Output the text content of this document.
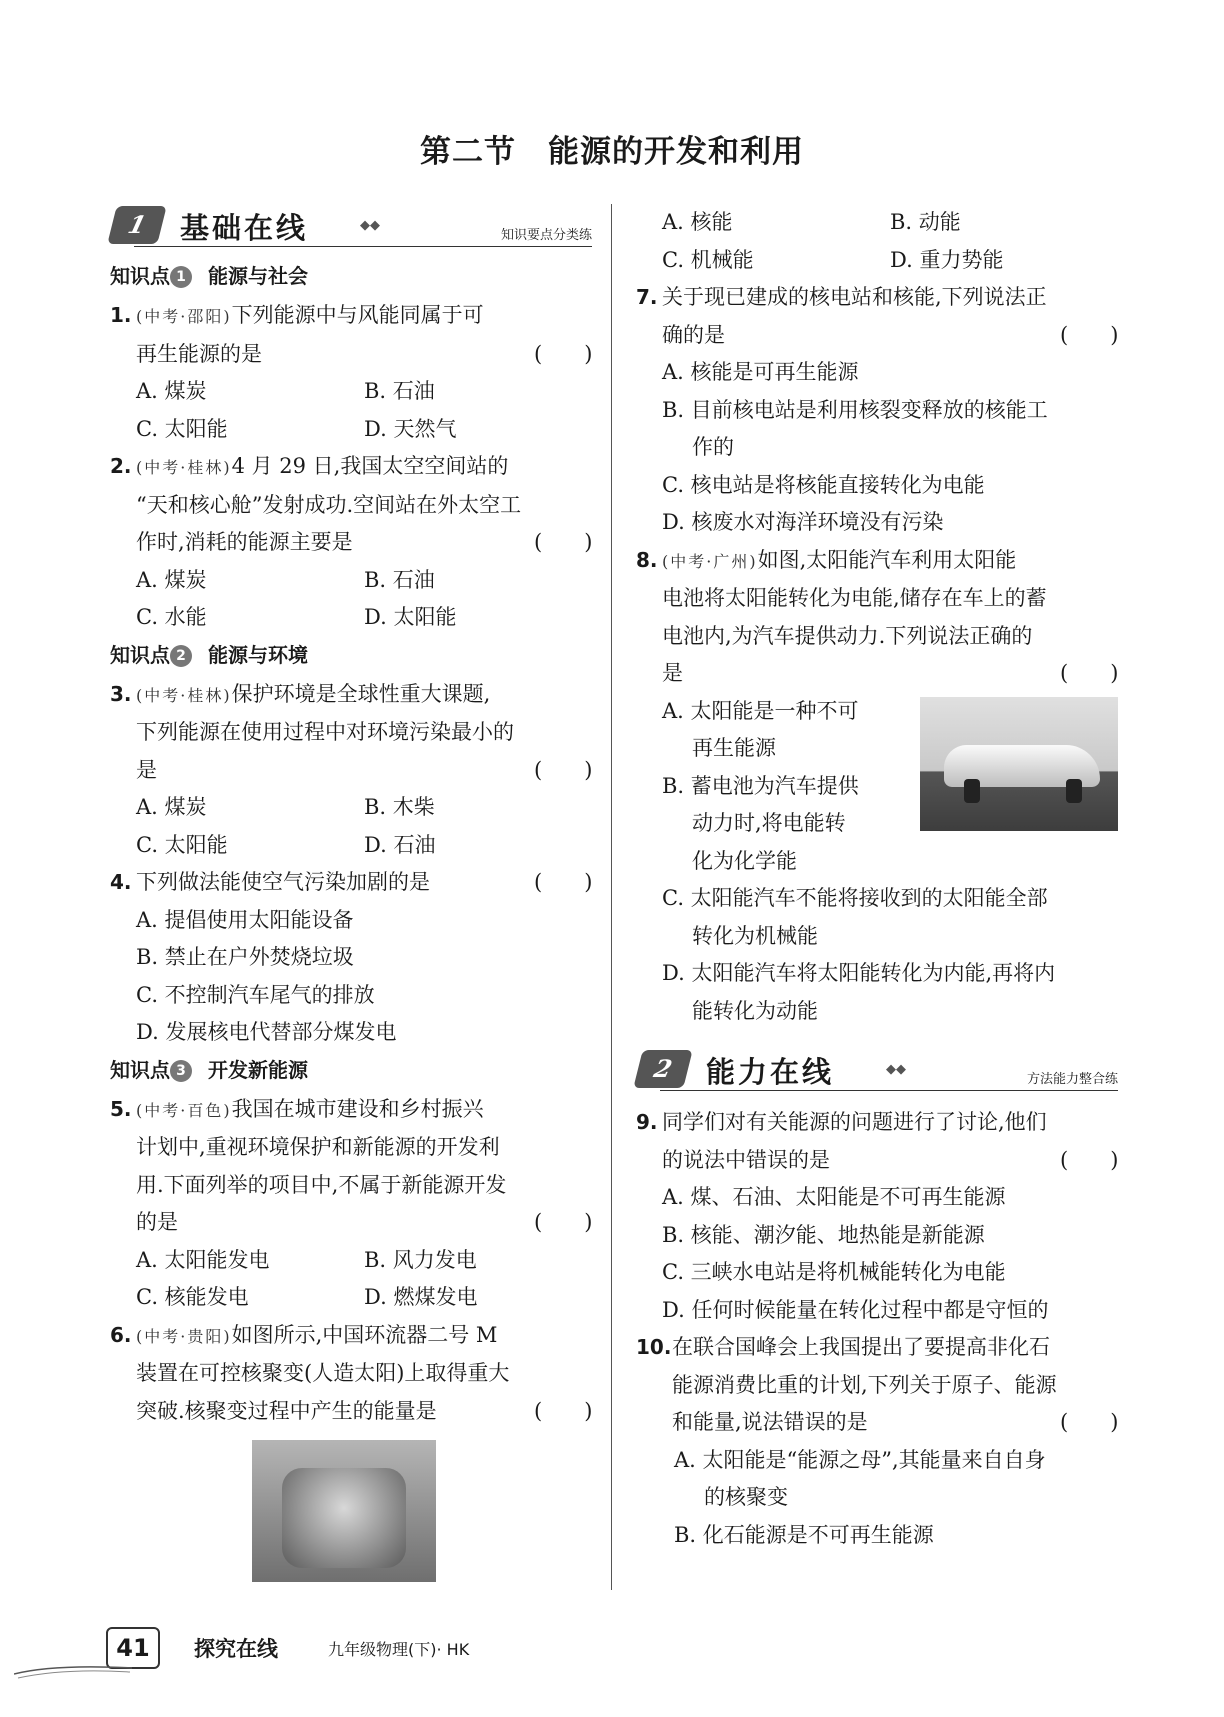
第二节 能源的开发和利用
1	基础在线	◆◆
知识要点分类练
知识点 1 能源与社会
1. (中考·邵阳)下列能源中与风能同属于可
再生能源的是	(　　)
A. 煤炭	B. 石油
C. 太阳能	D. 天然气
2. (中考·桂林)4 月 29 日,我国太空空间站的
“天和核心舱”发射成功.空间站在外太空工
作时,消耗的能源主要是	(　　)
A. 煤炭	B. 石油
C. 水能	D. 太阳能
知识点 2 能源与环境
3. (中考·桂林)保护环境是全球性重大课题,
下列能源在使用过程中对环境污染最小的
是	(　　)
A. 煤炭	B. 木柴
C. 太阳能	D. 石油
4. 下列做法能使空气污染加剧的是	(　　)
A. 提倡使用太阳能设备
B. 禁止在户外焚烧垃圾
C. 不控制汽车尾气的排放
D. 发展核电代替部分煤发电
知识点 3 开发新能源
5. (中考·百色)我国在城市建设和乡村振兴
计划中,重视环境保护和新能源的开发利
用.下面列举的项目中,不属于新能源开发
的是	(　　)
A. 太阳能发电	B. 风力发电
C. 核能发电	D. 燃煤发电
6. (中考·贵阳)如图所示,中国环流器二号 M
装置在可控核聚变(人造太阳)上取得重大
突破.核聚变过程中产生的能量是	(　　)
A. 核能	B. 动能
C. 机械能	D. 重力势能
7. 关于现已建成的核电站和核能,下列说法正
确的是	(　　)
A. 核能是可再生能源
B. 目前核电站是利用核裂变释放的核能工
作的
C. 核电站是将核能直接转化为电能
D. 核废水对海洋环境没有污染
8. (中考·广州)如图,太阳能汽车利用太阳能
电池将太阳能转化为电能,储存在车上的蓄
电池内,为汽车提供动力.下列说法正确的
是	(　　)
A. 太阳能是一种不可
再生能源
B. 蓄电池为汽车提供
动力时,将电能转
化为化学能
C. 太阳能汽车不能将接收到的太阳能全部
转化为机械能
D. 太阳能汽车将太阳能转化为内能,再将内
能转化为动能
2	能力在线	◆◆
方法能力整合练
9. 同学们对有关能源的问题进行了讨论,他们
的说法中错误的是	(　　)
A. 煤、石油、太阳能是不可再生能源
B. 核能、潮汐能、地热能是新能源
C. 三峡水电站是将机械能转化为电能
D. 任何时候能量在转化过程中都是守恒的
10. 在联合国峰会上我国提出了要提高非化石
能源消费比重的计划,下列关于原子、能源
和能量,说法错误的是	(　　)
A. 太阳能是“能源之母”,其能量来自自身
的核聚变
B. 化石能源是不可再生能源
41	探究在线	九年级物理(下)· HK
